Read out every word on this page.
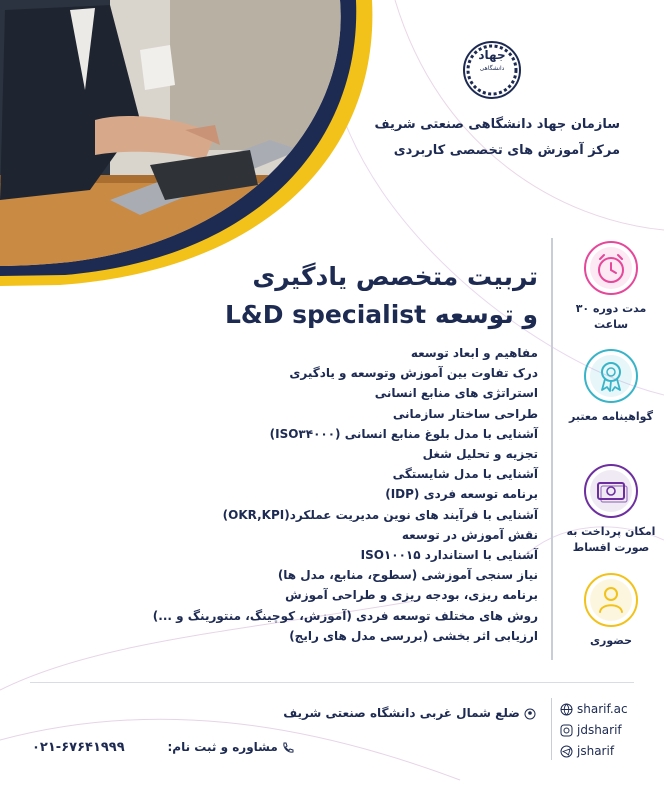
جهاد
دانشگاهی
سازمان جهاد دانشگاهی صنعتی شریف
مرکز آموزش های تخصصی کاربردی
تربیت متخصص یادگیری
و توسعه L&D specialist
مفاهیم و ابعاد توسعه
درک تفاوت بین آموزش وتوسعه و یادگیری
استراتژی های منابع انسانی
طراحی ساختار سازمانی
آشنایی با مدل بلوغ منابع انسانی (ISO۳۴۰۰۰)
تجزیه و تحلیل شغل
آشنایی با مدل شایستگی
برنامه توسعه فردی (IDP)
آشنایی با فرآیند های نوین مدیریت عملکرد(OKR,KPI)
نقش آموزش در توسعه
آشنایی با استاندارد ISO۱۰۰۱۵
نیاز سنجی آموزشی (سطوح، منابع، مدل ها)
برنامه ریزی، بودجه ریزی و طراحی آموزش
روش های مختلف توسعه فردی (آموزش، کوچینگ، منتورینگ و ...)
ارزیابی اثر بخشی (بررسی مدل های رایج)
مدت دوره ۳۰ ساعت
گواهینامه معتبر
امکان پرداخت به صورت اقساط
حضوری
ضلع شمال غربی دانشگاه صنعتی شریف
مشاوره و ثبت نام:
۰۲۱-۶۷۶۴۱۹۹۹
sharif.ac
jdsharif
jsharif
